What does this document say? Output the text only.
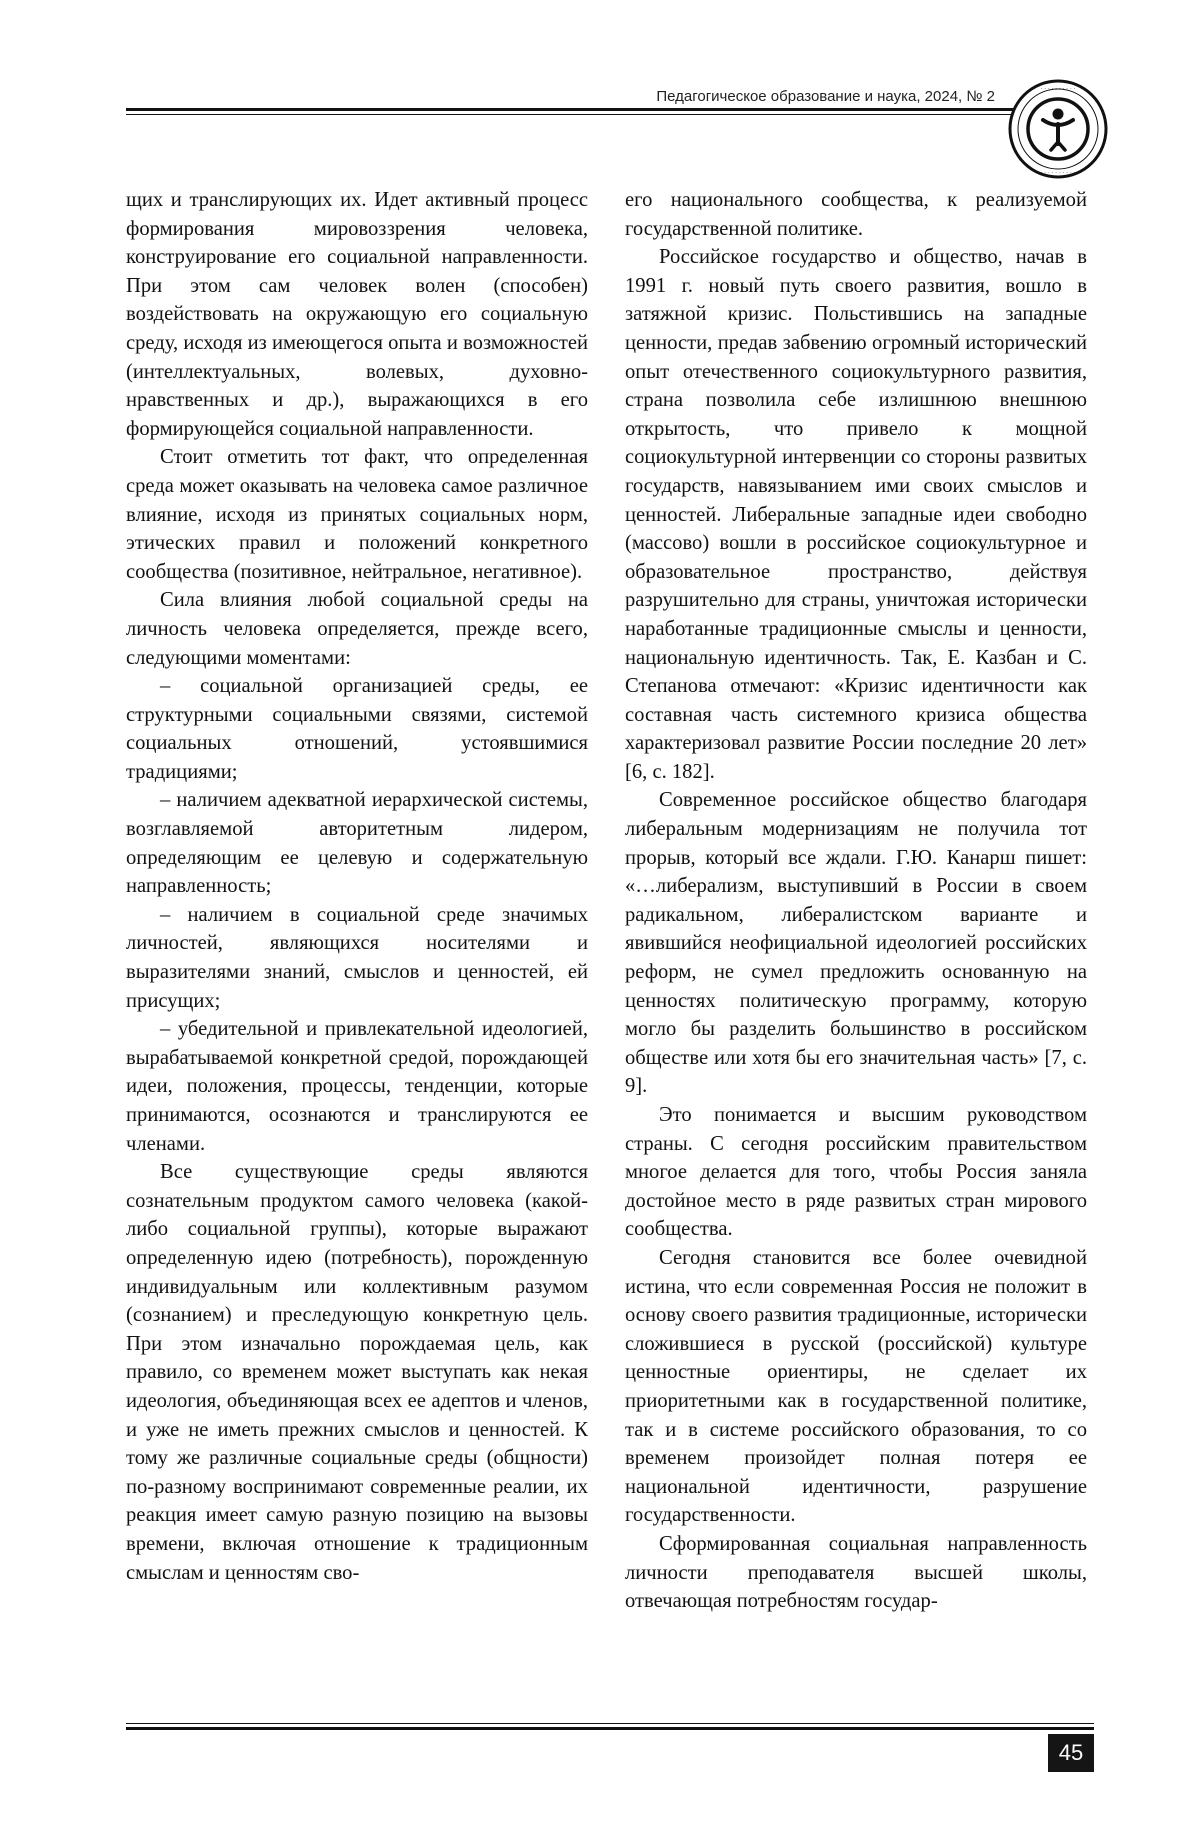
Педагогическое образование и наука, 2024, № 2	· · · · · · · · · ·
· · · · · · · · · ·

щих и транслирующих их. Идет активный процесс формирования мировоззрения человека, конструирование его социальной направленности. При этом сам человек волен (способен) воздействовать на окружающую его социальную среду, исходя из имеющегося опыта и возможностей (интеллектуальных, волевых, духовно-нравственных и др.), выражающихся в его формирующейся социальной направленности.

Стоит отметить тот факт, что определенная среда может оказывать на человека самое различное влияние, исходя из принятых социальных норм, этических правил и положений конкретного сообщества (позитивное, нейтральное, негативное).

Сила влияния любой социальной среды на личность человека определяется, прежде всего, следующими моментами:

– социальной организацией среды, ее структурными социальными связями, системой социальных отношений, устоявшимися традициями;

– наличием адекватной иерархической системы, возглавляемой авторитетным лидером, определяющим ее целевую и содержательную направленность;

– наличием в социальной среде значимых личностей, являющихся носителями и выразителями знаний, смыслов и ценностей, ей присущих;

– убедительной и привлекательной идеологией, вырабатываемой конкретной средой, порождающей идеи, положения, процессы, тенденции, которые принимаются, осознаются и транслируются ее членами.

Все существующие среды являются сознательным продуктом самого человека (какой-либо социальной группы), которые выражают определенную идею (потребность), порожденную индивидуальным или коллективным разумом (сознанием) и преследующую конкретную цель. При этом изначально порождаемая цель, как правило, со временем может выступать как некая идеология, объединяющая всех ее адептов и членов, и уже не иметь прежних смыслов и ценностей. К тому же различные социальные среды (общности) по-разному воспринимают современные реалии, их реакция имеет самую разную позицию на вызовы времени, включая отношение к традиционным смыслам и ценностям сво-

его национального сообщества, к реализуемой государственной политике.

Российское государство и общество, начав в 1991 г. новый путь своего развития, вошло в затяжной кризис. Польстившись на западные ценности, предав забвению огромный исторический опыт отечественного социокультурного развития, страна позволила себе излишнюю внешнюю открытость, что привело к мощной социокультурной интервенции со стороны развитых государств, навязыванием ими своих смыслов и ценностей. Либеральные западные идеи свободно (массово) вошли в российское социокультурное и образовательное пространство, действуя разрушительно для страны, уничтожая исторически наработанные традиционные смыслы и ценности, национальную идентичность. Так, Е. Казбан и С. Степанова отмечают: «Кризис идентичности как составная часть системного кризиса общества характеризовал развитие России последние 20 лет» [6, с. 182].

Современное российское общество благодаря либеральным модернизациям не получила тот прорыв, который все ждали. Г.Ю. Канарш пишет: «…либерализм, выступивший в России в своем радикальном, либералистском варианте и явившийся неофициальной идеологией российских реформ, не сумел предложить основанную на ценностях политическую программу, которую могло бы разделить большинство в российском обществе или хотя бы его значительная часть» [7, с. 9].

Это понимается и высшим руководством страны. С сегодня российским правительством многое делается для того, чтобы Россия заняла достойное место в ряде развитых стран мирового сообщества.

Сегодня становится все более очевидной истина, что если современная Россия не положит в основу своего развития традиционные, исторически сложившиеся в русской (российской) культуре ценностные ориентиры, не сделает их приоритетными как в государственной политике, так и в системе российского образования, то со временем произойдет полная потеря ее национальной идентичности, разрушение государственности.

Сформированная социальная направленность личности преподавателя высшей школы, отвечающая потребностям государ-

45
